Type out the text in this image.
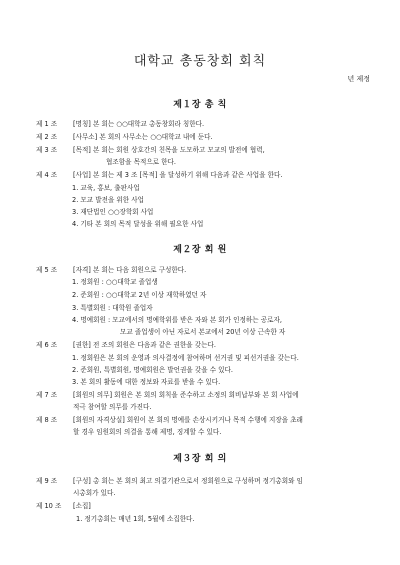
대학교 총동창회 회칙
년 제정
제１장 총 칙
제 1 조 [명칭] 본 회는 ○○대학교 총동창회라 칭한다.
제 2 조 [사무소] 본 회의 사무소는 ○○대학교 내에 둔다.
제 3 조 [목적] 본 회는 회원 상호간의 친목을 도모하고 모교의 발전에 협력,
협조함을 목적으로 한다.
제 4 조 [사업] 본 회는 제 3 조 [목적] 을 달성하기 위해 다음과 같은 사업을 한다.
1. 교육, 홍보, 출판사업
2. 모교 발전을 위한 사업
3. 재단법인 ○○장학회 사업
4. 기타 본 회의 목적 달성을 위해 필요한 사업
제２장 회 원
제 5 조 [자격] 본 회는 다음 회원으로 구성한다.
1. 정회원 : ○○대학교 졸업생
2. 준회원 : ○○대학교 2년 이상 재학하였던 자
3. 특별회원 : 대학원 졸업자
4. 명예회원 : 모교에서의 명예학위를 받은 자와 본 회가 인정하는 공로자,
모교 졸업생이 아닌 자로서 본교에서 20년 이상 근속한 자
제 6 조 [권한] 전 조의 회원은 다음과 같은 권한을 갖는다.
1. 정회원은 본 회의 운영과 의사결정에 참여하며 선거권 및 피선거권을 갖는다.
2. 준회원, 특별회원, 명예회원은 발언권을 갖을 수 있다.
3. 본 회의 활동에 대한 정보와 자료를 받을 수 있다.
제 7 조 [회원의 의무] 회원은 본 회의 회칙을 준수하고 소정의 회비납부와 본 회 사업에
적극 참여할 의무를 가진다.
제 8 조 [회원의 자격상실] 회원이 본 회의 명예를 손상시키거나 목적 수행에 지장을 초래
할 경우 임원회의 의결을 통해 제명, 징계할 수 있다.
제３장 회 의
제 9 조 [구성] 총 회는 본 회의 최고 의결기관으로서 정회원으로 구성하며 정기총회와 임
시총회가 있다.
제 10 조 [소집]
1. 정기총회는 매년 1회, 5월에 소집한다.
